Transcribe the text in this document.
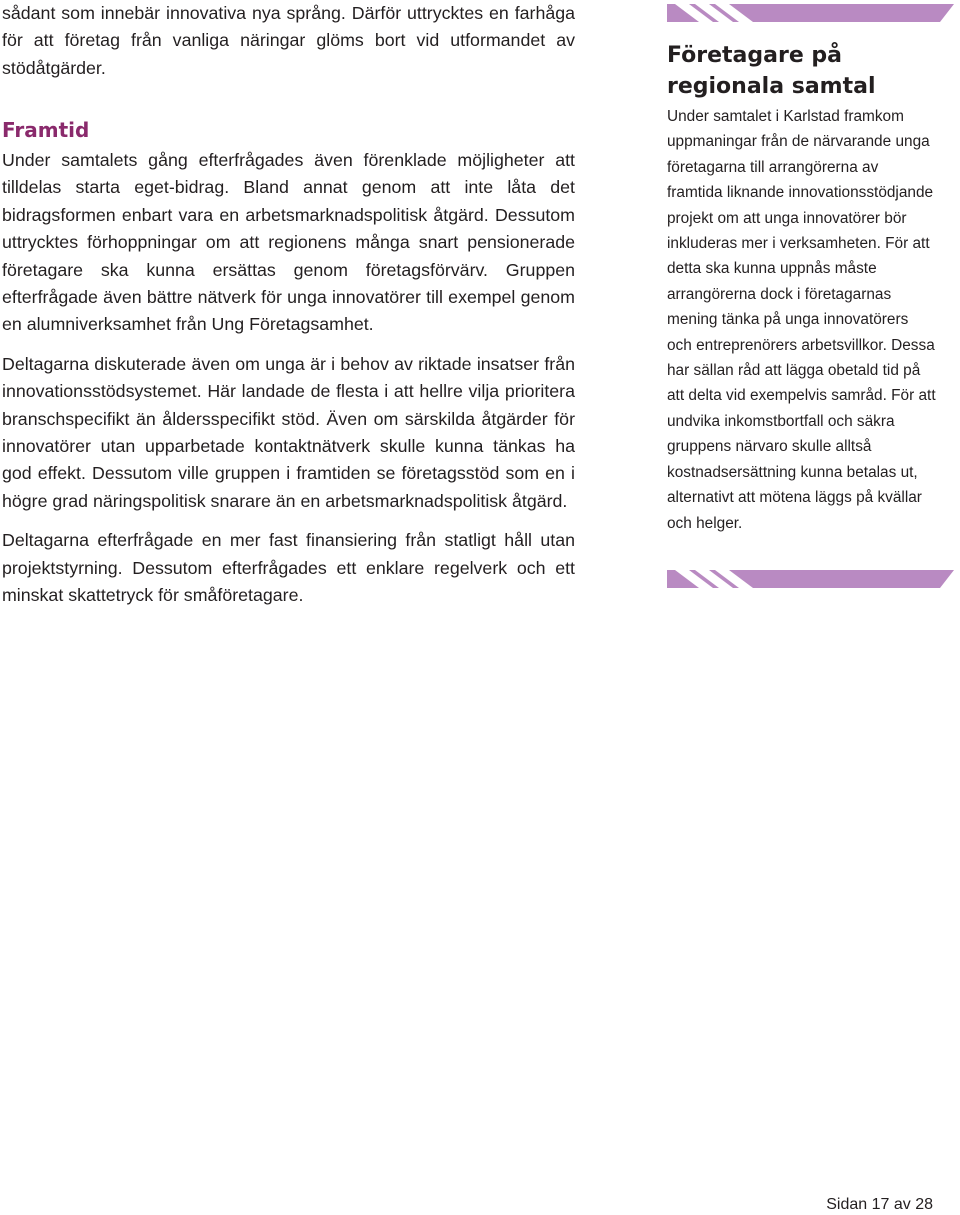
sådant som innebär innovativa nya språng. Därför uttrycktes en farhåga för att företag från vanliga näringar glöms bort vid utformandet av stödåtgärder.

Framtid

Under samtalets gång efterfrågades även förenklade möjligheter att tilldelas starta eget-bidrag. Bland annat genom att inte låta det bidragsformen enbart vara en arbetsmarknadspolitisk åtgärd. Dessutom uttrycktes förhoppningar om att regionens många snart pensionerade företagare ska kunna ersättas genom företagsförvärv. Gruppen efterfrågade även bättre nätverk för unga innovatörer till exempel genom en alumniverksamhet från Ung Företagsamhet.

Deltagarna diskuterade även om unga är i behov av riktade insatser från innovationsstödsystemet. Här landade de flesta i att hellre vilja prioritera branschspecifikt än åldersspecifikt stöd. Även om särskilda åtgärder för innovatörer utan upparbetade kontaktnätverk skulle kunna tänkas ha god effekt. Dessutom ville gruppen i framtiden se företagsstöd som en i högre grad näringspolitisk snarare än en arbetsmarknadspolitisk åtgärd.

Deltagarna efterfrågade en mer fast finansiering från statligt håll utan projektstyrning. Dessutom efterfrågades ett enklare regelverk och ett minskat skattetryck för småföretagare.

Företagare på
regionala samtal
Under samtalet i Karlstad framkom uppmaningar från de närvarande unga företagarna till arrangörerna av framtida liknande innovationsstödjande projekt om att unga innovatörer bör inkluderas mer i verksamheten. För att detta ska kunna uppnås måste arrangörerna dock i företagarnas mening tänka på unga innovatörers och entreprenörers arbetsvillkor. Dessa har sällan råd att lägga obetald tid på att delta vid exempelvis samråd. För att undvika inkomstbortfall och säkra gruppens närvaro skulle alltså kostnadsersättning kunna betalas ut, alternativt att mötena läggs på kvällar och helger.
Sidan 17 av 28
